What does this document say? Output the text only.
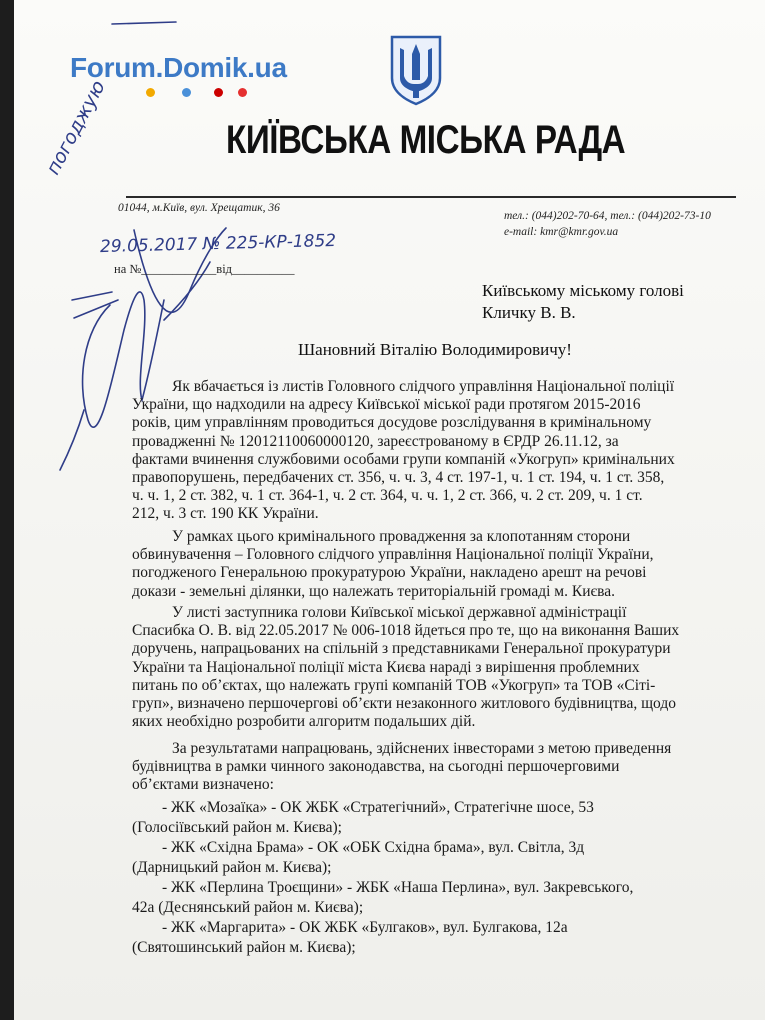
погоджую
Forum.Domik.ua
КИЇВСЬКА МІСЬКА РАДА
01044, м.Київ, вул. Хрещатик, 36
тел.: (044)202-70-64, тел.: (044)202-73-10
e-mail: kmr@kmr.gov.ua
29.05.2017 № 225-КР-1852
на №____________від__________
Київському міському голові
Кличку В. В.
Шановний Віталію Володимировичу!
Як вбачається із листів Головного слідчого управління Національної поліції
України, що надходили на адресу Київської міської ради протягом 2015-2016
років, цим управлінням проводиться досудове розслідування в кримінальному
провадженні № 12012110060000120, зареєстрованому в ЄРДР 26.11.12, за
фактами вчинення службовими особами групи компаній «Укогруп» кримінальних
правопорушень, передбачених ст. 356, ч. ч. 3, 4 ст. 197-1, ч. 1 ст. 194, ч. 1 ст. 358,
ч. ч. 1, 2 ст. 382, ч. 1 ст. 364-1, ч. 2 ст. 364, ч. ч. 1, 2 ст. 366, ч. 2 ст. 209, ч. 1 ст.
212, ч. 3 ст. 190 КК України.
У рамках цього кримінального провадження за клопотанням сторони
обвинувачення – Головного слідчого управління Національної поліції України,
погодженого Генеральною прокуратурою України, накладено арешт на речові
докази - земельні ділянки, що належать територіальній громаді м. Києва.
У листі заступника голови Київської міської державної адміністрації
Спасибка О. В. від 22.05.2017 № 006-1018 йдеться про те, що на виконання Ваших
доручень, напрацьованих на спільній з представниками Генеральної прокуратури
України та Національної поліції міста Києва нараді з вирішення проблемних
питань по об’єктах, що належать групі компаній ТОВ «Укогруп» та ТОВ «Сіті-
груп», визначено першочергові об’єкти незаконного житлового будівництва, щодо
яких необхідно розробити алгоритм подальших дій.
За результатами напрацювань, здійснених інвесторами з метою приведення
будівництва в рамки чинного законодавства, на сьогодні першочерговими
об’єктами визначено:
- ЖК «Мозаїка» - ОК ЖБК «Стратегічний», Стратегічне шосе, 53
(Голосіївський район м. Києва);
- ЖК «Східна Брама» - ОК «ОБК Східна брама», вул. Світла, 3д
(Дарницький район м. Києва);
- ЖК «Перлина Троєщини» - ЖБК «Наша Перлина», вул. Закревського,
42а (Деснянський район м. Києва);
- ЖК «Маргарита» - ОК ЖБК «Булгаков», вул. Булгакова, 12а
(Святошинський район м. Києва);
